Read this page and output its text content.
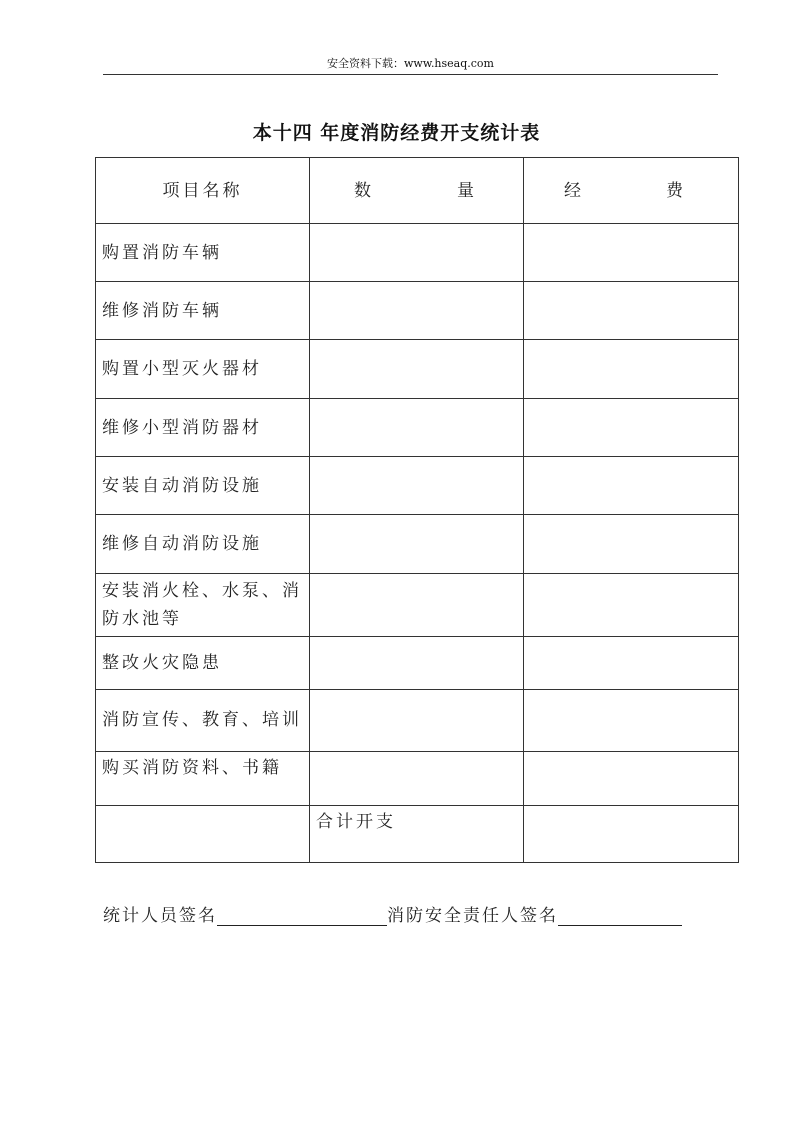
安全资料下载：www.hseaq.com
本十四 年度消防经费开支统计表
项目名称	数 量	经 费

购置消防车辆		
维修消防车辆		
购置小型灭火器材		
维修小型消防器材		
安装自动消防设施		
维修自动消防设施		
安装消火栓、水泵、消防水池等		
整改火灾隐患		
消防宣传、教育、培训		
购买消防资料、书籍		
	合计开支	
统计人员签名	消防安全责任人签名
